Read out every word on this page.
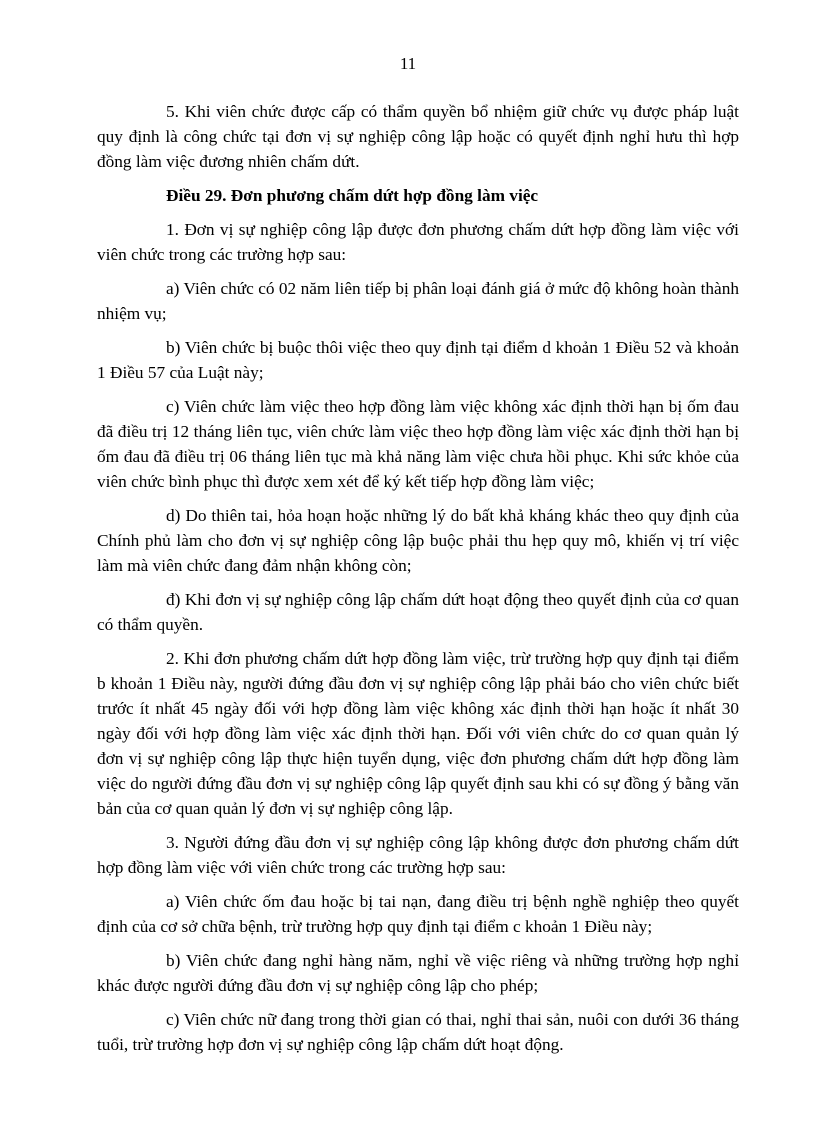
11

5. Khi viên chức được cấp có thẩm quyền bổ nhiệm giữ chức vụ được pháp luật quy định là công chức tại đơn vị sự nghiệp công lập hoặc có quyết định nghỉ hưu thì hợp đồng làm việc đương nhiên chấm dứt.

Điều 29. Đơn phương chấm dứt hợp đồng làm việc

1. Đơn vị sự nghiệp công lập được đơn phương chấm dứt hợp đồng làm việc với viên chức trong các trường hợp sau:

a) Viên chức có 02 năm liên tiếp bị phân loại đánh giá ở mức độ không hoàn thành nhiệm vụ;

b) Viên chức bị buộc thôi việc theo quy định tại điểm d khoản 1 Điều 52 và khoản 1 Điều 57 của Luật này;

c) Viên chức làm việc theo hợp đồng làm việc không xác định thời hạn bị ốm đau đã điều trị 12 tháng liên tục, viên chức làm việc theo hợp đồng làm việc xác định thời hạn bị ốm đau đã điều trị 06 tháng liên tục mà khả năng làm việc chưa hồi phục. Khi sức khỏe của viên chức bình phục thì được xem xét để ký kết tiếp hợp đồng làm việc;

d) Do thiên tai, hỏa hoạn hoặc những lý do bất khả kháng khác theo quy định của Chính phủ làm cho đơn vị sự nghiệp công lập buộc phải thu hẹp quy mô, khiến vị trí việc làm mà viên chức đang đảm nhận không còn;

đ) Khi đơn vị sự nghiệp công lập chấm dứt hoạt động theo quyết định của cơ quan có thẩm quyền.

2. Khi đơn phương chấm dứt hợp đồng làm việc, trừ trường hợp quy định tại điểm b khoản 1 Điều này, người đứng đầu đơn vị sự nghiệp công lập phải báo cho viên chức biết trước ít nhất 45 ngày đối với hợp đồng làm việc không xác định thời hạn hoặc ít nhất 30 ngày đối với hợp đồng làm việc xác định thời hạn. Đối với viên chức do cơ quan quản lý đơn vị sự nghiệp công lập thực hiện tuyển dụng, việc đơn phương chấm dứt hợp đồng làm việc do người đứng đầu đơn vị sự nghiệp công lập quyết định sau khi có sự đồng ý bằng văn bản của cơ quan quản lý đơn vị sự nghiệp công lập.

3. Người đứng đầu đơn vị sự nghiệp công lập không được đơn phương chấm dứt hợp đồng làm việc với viên chức trong các trường hợp sau:

a) Viên chức ốm đau hoặc bị tai nạn, đang điều trị bệnh nghề nghiệp theo quyết định của cơ sở chữa bệnh, trừ trường hợp quy định tại điểm c khoản 1 Điều này;

b) Viên chức đang nghỉ hàng năm, nghỉ về việc riêng và những trường hợp nghỉ khác được người đứng đầu đơn vị sự nghiệp công lập cho phép;

c) Viên chức nữ đang trong thời gian có thai, nghỉ thai sản, nuôi con dưới 36 tháng tuổi, trừ trường hợp đơn vị sự nghiệp công lập chấm dứt hoạt động.
